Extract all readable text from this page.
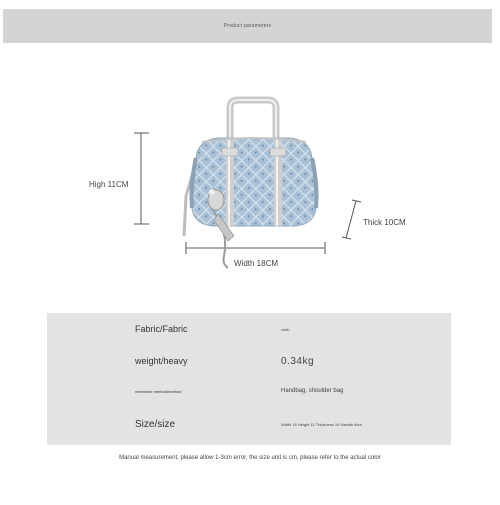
Product parameters
High 11CM
Thick 10CM
Width 18CM
Fabric/Fabric	cloth
weight/heavy	0.34kg
memorize method/method	Handbag, shoulder bag
Size/size	Width 18 Height 11 Thickness 10 Handle 8cm
Manual measurement, please allow 1-3cm error, the size unit is cm, please refer to the actual color
